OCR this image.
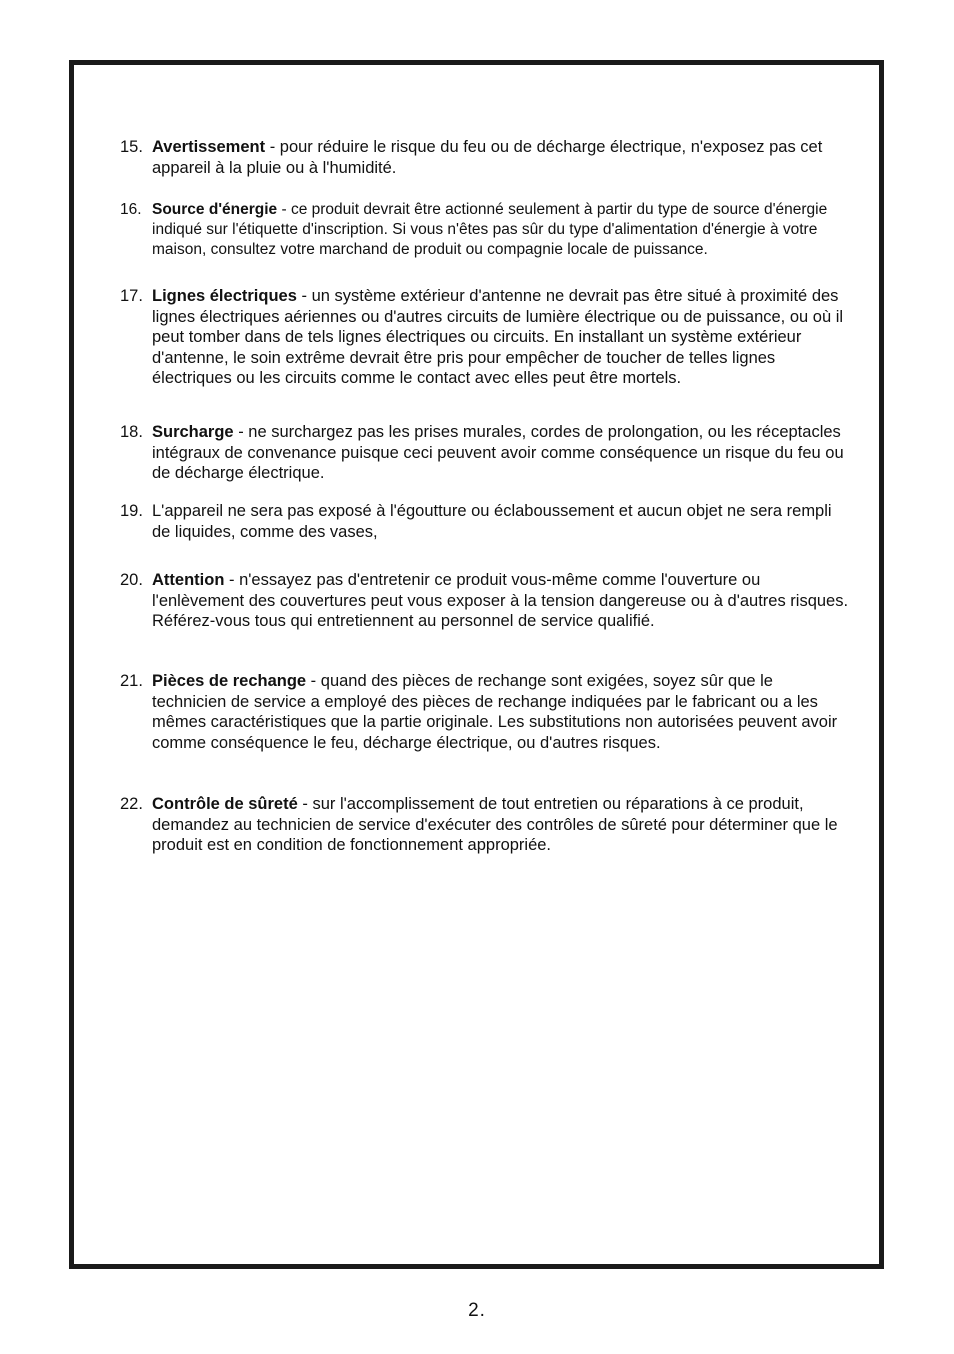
15. Avertissement - pour réduire le risque du feu ou de décharge électrique, n'exposez pas cet appareil à la pluie ou à l'humidité.
16. Source d'énergie - ce produit devrait être actionné seulement à partir du type de source d'énergie indiqué sur l'étiquette d'inscription. Si vous n'êtes pas sûr du type d'alimentation d'énergie à votre maison, consultez votre marchand de produit ou compagnie locale de puissance.
17. Lignes électriques - un système extérieur d'antenne ne devrait pas être situé à proximité des lignes électriques aériennes ou d'autres circuits de lumière électrique ou de puissance, ou où il peut tomber dans de tels lignes électriques ou circuits. En installant un système extérieur d'antenne, le soin extrême devrait être pris pour empêcher de toucher de telles lignes électriques ou les circuits comme le contact avec elles peut être mortels.
18. Surcharge - ne surchargez pas les prises murales, cordes de prolongation, ou les réceptacles intégraux de convenance puisque ceci peuvent avoir comme conséquence un risque du feu ou de décharge électrique.
19. L'appareil ne sera pas exposé à l'égoutture ou éclaboussement et aucun objet ne sera rempli de liquides, comme des vases,
20. Attention - n'essayez pas d'entretenir ce produit vous-même comme l'ouverture ou l'enlèvement des couvertures peut vous exposer à la tension dangereuse ou à d'autres risques. Référez-vous tous qui entretiennent au personnel de service qualifié.
21. Pièces de rechange - quand des pièces de rechange sont exigées, soyez sûr que le technicien de service a employé des pièces de rechange indiquées par le fabricant ou a les mêmes caractéristiques que la partie originale. Les substitutions non autorisées peuvent avoir comme conséquence le feu, décharge électrique, ou d'autres risques.
22. Contrôle de sûreté - sur l'accomplissement de tout entretien ou réparations à ce produit, demandez au technicien de service d'exécuter des contrôles de sûreté pour déterminer que le produit est en condition de fonctionnement appropriée.
2.
